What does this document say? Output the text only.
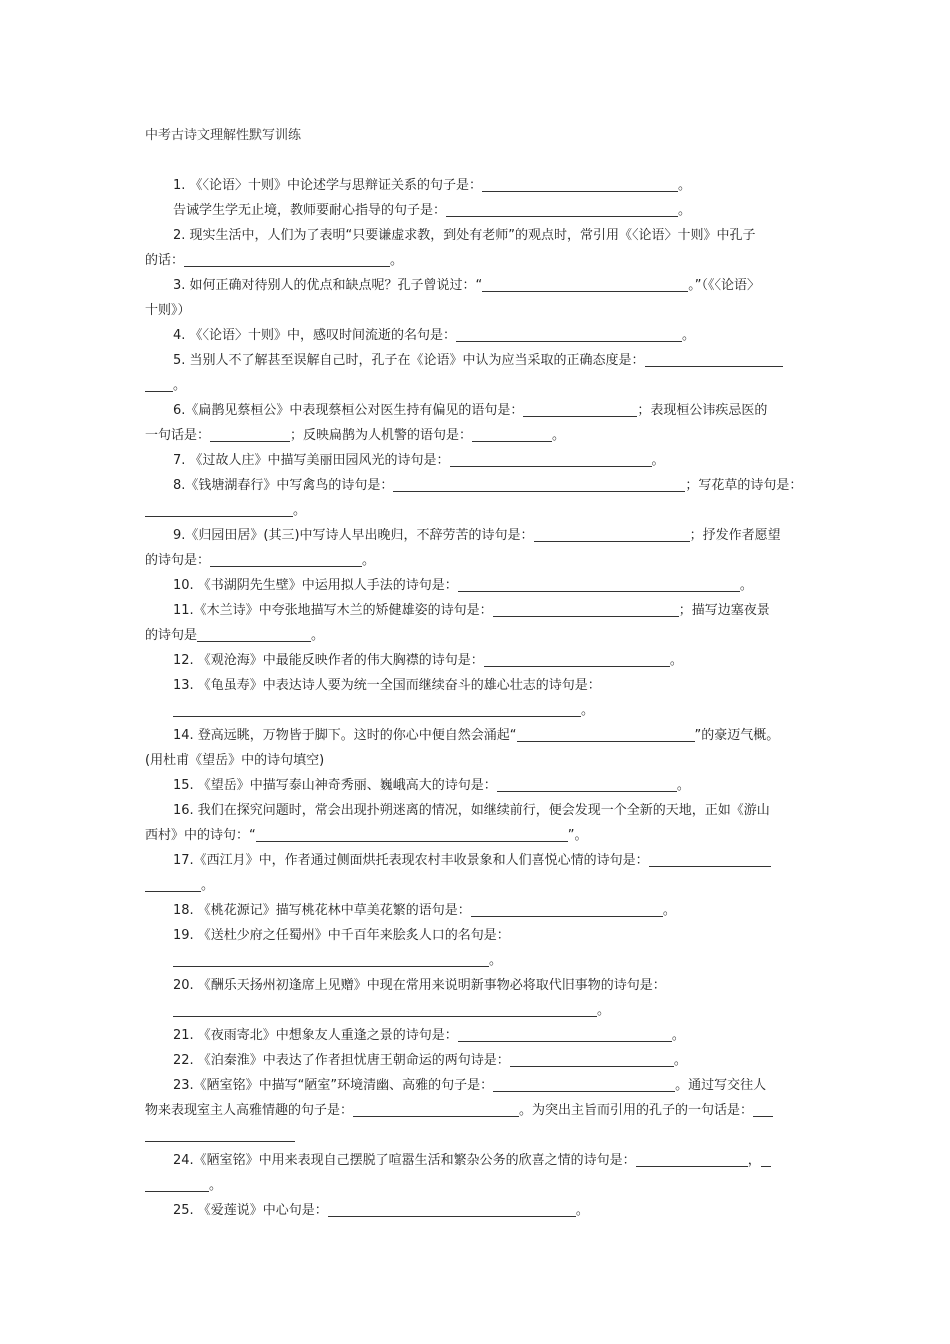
中考古诗文理解性默写训练
1. 《〈论语〉十则》中论述学与思辩证关系的句子是：	。
告诫学生学无止境，教师要耐心指导的句子是：	。
2. 现实生活中，人们为了表明“只要谦虚求教，到处有老师”的观点时，常引用《〈论语〉十则》中孔子
的话：	。
3. 如何正确对待别人的优点和缺点呢？孔子曾说过：“	。”（《〈论语〉
十则》）
4. 《〈论语〉十则》中，感叹时间流逝的名句是：	。
5. 当别人不了解甚至误解自己时，孔子在《论语》中认为应当采取的正确态度是：
。
6.《扁鹊见蔡桓公》中表现蔡桓公对医生持有偏见的语句是：	；表现桓公讳疾忌医的
一句话是：	；反映扁鹊为人机警的语句是：	。
7. 《过故人庄》中描写美丽田园风光的诗句是：	。
8.《钱塘湖春行》中写禽鸟的诗句是：	；写花草的诗句是：
。
9.《归园田居》(其三)中写诗人早出晚归，不辞劳苦的诗句是：	；抒发作者愿望
的诗句是：	。
10. 《书湖阴先生壁》中运用拟人手法的诗句是：	。
11.《木兰诗》中夸张地描写木兰的矫健雄姿的诗句是：	；描写边塞夜景
的诗句是	。
12. 《观沧海》中最能反映作者的伟大胸襟的诗句是：	。
13. 《龟虽寿》中表达诗人要为统一全国而继续奋斗的雄心壮志的诗句是：
。
14. 登高远眺，万物皆于脚下。这时的你心中便自然会涌起“	”的豪迈气概。
(用杜甫《望岳》中的诗句填空)
15. 《望岳》中描写泰山神奇秀丽、巍峨高大的诗句是：	。
16. 我们在探究问题时，常会出现扑朔迷离的情况，如继续前行，便会发现一个全新的天地，正如《游山
西村》中的诗句：“	”。
17.《西江月》中，作者通过侧面烘托表现农村丰收景象和人们喜悦心情的诗句是：
。
18. 《桃花源记》描写桃花林中草美花繁的语句是：	。
19. 《送杜少府之任蜀州》中千百年来脍炙人口的名句是：
。
20. 《酬乐天扬州初逢席上见赠》中现在常用来说明新事物必将取代旧事物的诗句是：
。
21. 《夜雨寄北》中想象友人重逢之景的诗句是：	。
22. 《泊秦淮》中表达了作者担忧唐王朝命运的两句诗是：	。
23.《陋室铭》中描写“陋室”环境清幽、高雅的句子是：	。通过写交往人
物来表现室主人高雅情趣的句子是：	。为突出主旨而引用的孔子的一句话是：
24.《陋室铭》中用来表现自己摆脱了喧嚣生活和繁杂公务的欣喜之情的诗句是：	，
。
25. 《爱莲说》中心句是：	。
